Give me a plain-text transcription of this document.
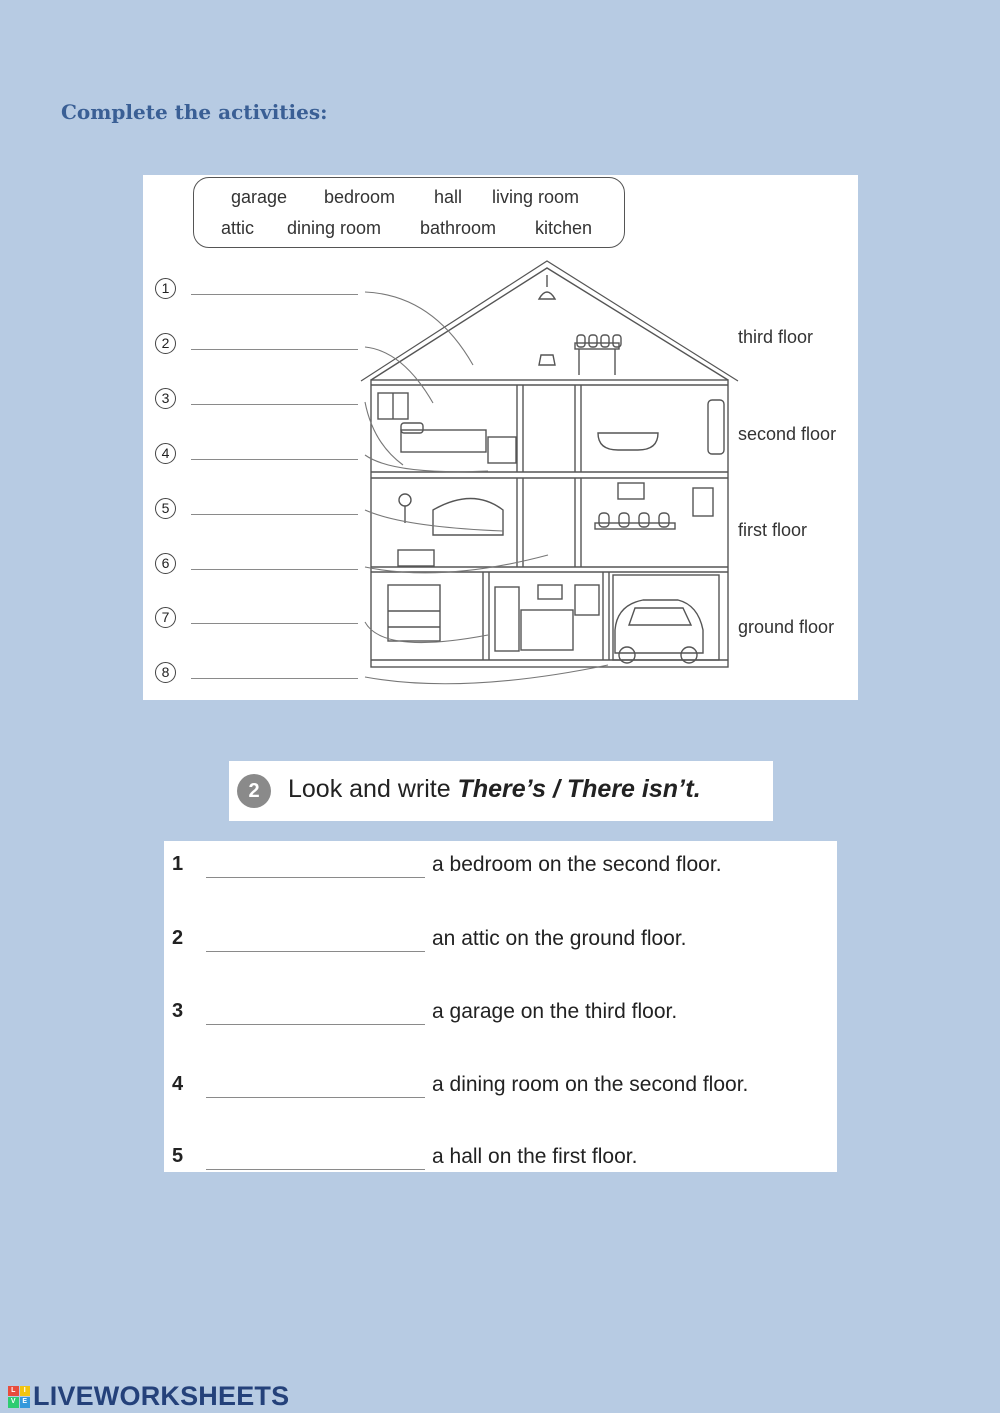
Complete the activities:
garage bedroom hall living room
attic dining room bathroom kitchen
1
2
3
4
5
6
7
8
third floor
second floor
first floor
ground floor
2	Look and write There’s / There isn’t.
1	a bedroom on the second floor.
2	an attic on the ground floor.
3	a garage on the third floor.
4	a dining room on the second floor.
5	a hall on the first floor.
L	I
V E LIVEWORKSHEETS
